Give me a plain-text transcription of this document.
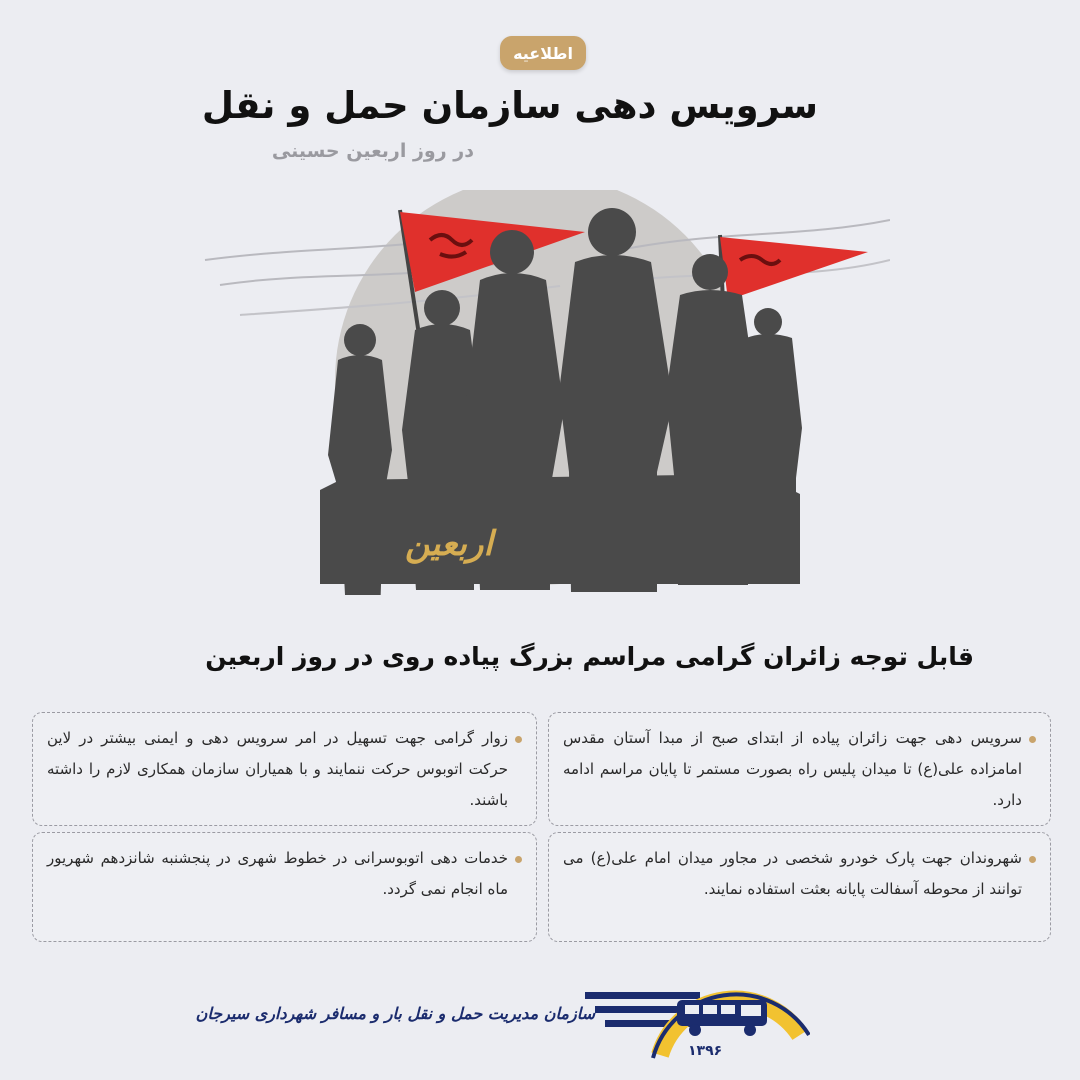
اطلاعیه
سرویس دهی سازمان حمل و نقل
در روز اربعین حسینی
اربعین
قابل توجه زائران گرامی مراسم بزرگ پیاده روی در روز اربعین
سرویس دهی جهت زائران پیاده از ابتدای صبح از مبدا آستان مقدس امامزاده علی(ع) تا میدان پلیس راه بصورت مستمر تا پایان مراسم ادامه دارد.
زوار گرامی جهت تسهیل در امر سرویس دهی و ایمنی بیشتر در لاین حرکت اتوبوس حرکت ننمایند و با همیاران سازمان همکاری لازم را داشته باشند.
شهروندان جهت پارک خودرو شخصی در مجاور میدان امام علی(ع) می توانند از محوطه آسفالت پایانه بعثت استفاده نمایند.
خدمات دهی اتوبوسرانی در خطوط شهری در پنجشنبه شانزدهم شهریور ماه انجام نمی گردد.
۱۳۹۶
سازمان مدیریت حمل و نقل بار و مسافر شهرداری سیرجان
